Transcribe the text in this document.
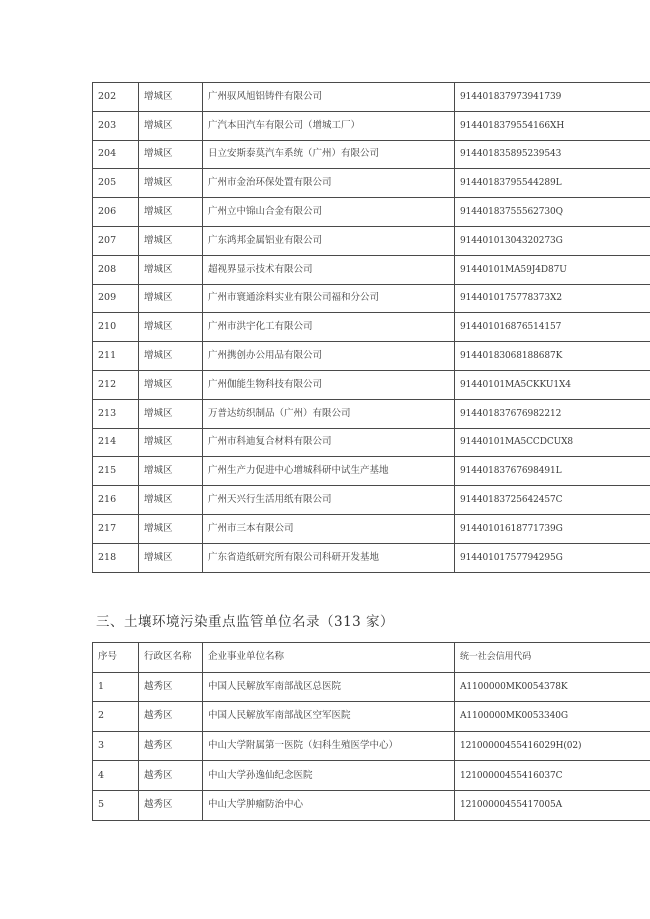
202	增城区	广州驭风旭铝铸件有限公司	914401837973941739
203	增城区	广汽本田汽车有限公司（增城工厂）	9144018379554166XH
204	增城区	日立安斯泰莫汽车系统（广州）有限公司	914401835895239543
205	增城区	广州市金治环保处置有限公司	91440183795544289L
206	增城区	广州立中锦山合金有限公司	91440183755562730Q
207	增城区	广东鸿邦金属铝业有限公司	91440101304320273G
208	增城区	超视界显示技术有限公司	91440101MA59J4D87U
209	增城区	广州市寰通涂料实业有限公司福和分公司	9144010175778373X2
210	增城区	广州市洪宇化工有限公司	914401016876514157
211	增城区	广州携创办公用品有限公司	91440183068188687K
212	增城区	广州伽能生物科技有限公司	91440101MA5CKKU1X4
213	增城区	万普达纺织制品（广州）有限公司	914401837676982212
214	增城区	广州市科迪复合材料有限公司	91440101MA5CCDCUX8
215	增城区	广州生产力促进中心增城科研中试生产基地	91440183767698491L
216	增城区	广州天兴行生活用纸有限公司	91440183725642457C
217	增城区	广州市三本有限公司	91440101618771739G
218	增城区	广东省造纸研究所有限公司科研开发基地	91440101757794295G
三、土壤环境污染重点监管单位名录（313 家）
序号	行政区名称	企业事业单位名称	统一社会信用代码
1	越秀区	中国人民解放军南部战区总医院	A1100000MK0054378K
2	越秀区	中国人民解放军南部战区空军医院	A1100000MK0053340G
3	越秀区	中山大学附属第一医院（妇科生殖医学中心）	12100000455416029H(02)
4	越秀区	中山大学孙逸仙纪念医院	12100000455416037C
5	越秀区	中山大学肿瘤防治中心	12100000455417005A
